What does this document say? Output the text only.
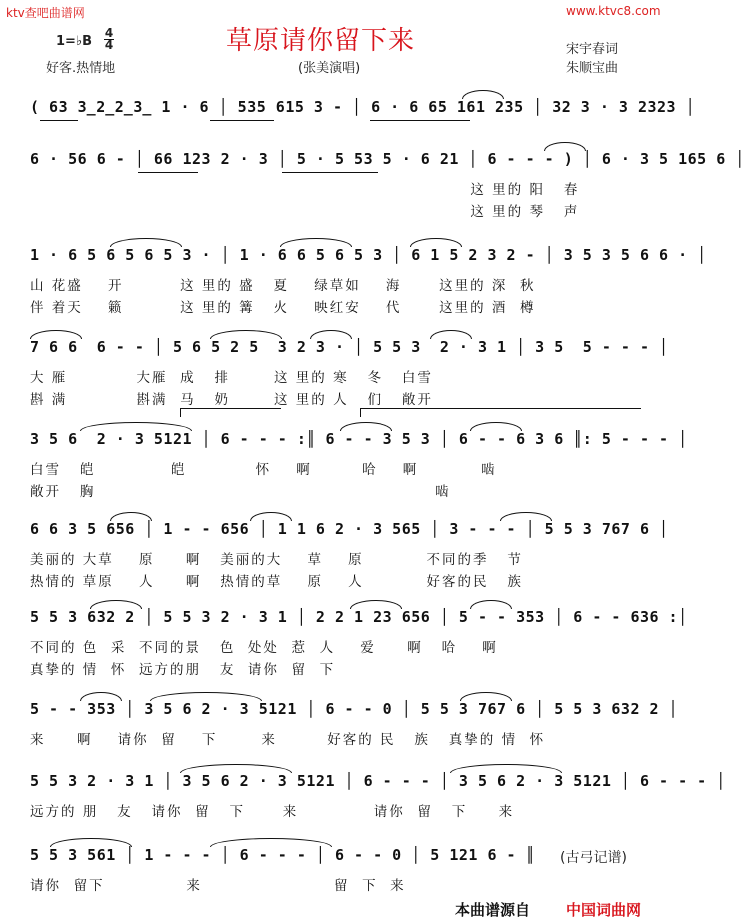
ktv查吧曲谱网	www.ktvc8.com
草原请你留下来
1=♭B
4
4
好客.热情地	(张美演唱)
宋宇春词
朱顺宝曲
( 63 3̲2̲2̲3̲ 1 · 6 │ 535 615 3 - │ 6 · 6 65 161 235 │ 32 3 · 3 2323 │
6 · 56 6 - │ 66 123 2 · 3 │ 5 · 5 53 5 · 6 21 │ 6 - - - ) │ 6 · 3 5 165 6 │
这 里的 阳   春
这 里的 琴   声
1 · 6 5 6 5 6 5 3 · │ 1 · 6 6 5 6 5 3 │ 6 1 5 2 3 2 - │ 3 5 3 5 6 6 · │
山 花盛    开         这 里的 盛   夏    绿草如    海      这里的 深  秋
伴 着天    籁         这 里的 篝   火    映红安    代      这里的 酒  樽
7 6 6  6 - - │ 5 6 5 2 5  3 2 3 · │ 5 5 3  2 · 3 1 │ 3 5  5 - - - │
大 雁           大雁  成   排       这 里的 寒   冬   白雪
斟 满           斟满  马   奶       这 里的 人   们   敞开
3 5 6  2 · 3 5121 │ 6 - - - :║ 6 - - 3 5 3 │ 6 - - 6 3 6 ║: 5 - - - │
白雪   皑            皑           怀    啊        哈    啊          啮
敞开   胸                                                      啮
6 6 3 5 656 │ 1 - - 656 │ 1 1 6 2 · 3 565 │ 3 - - - │ 5 5 3 767 6 │
美丽的 大草    原     啊   美丽的大    草    原          不同的季   节
热情的 草原    人     啊   热情的草    原    人          好客的民   族
5 5 3 632 2 │ 5 5 3 2 · 3 1 │ 2 2 1 23 656 │ 5 - - 353 │ 6 - - 636 :│
不同的 色  采  不同的景   色  处处  惹  人    爱     啊   哈    啊
真挚的 情  怀  远方的朋   友  请你  留  下
5 - - 353 │ 3 5 6 2 · 3 5121 │ 6 - - 0 │ 5 5 3 767 6 │ 5 5 3 632 2 │
来     啊    请你  留    下       来        好客的 民   族   真挚的 情  怀
5 5 3 2 · 3 1 │ 3 5 6 2 · 3 5121 │ 6 - - - │ 3 5 6 2 · 3 5121 │ 6 - - - │
远方的 朋   友   请你  留   下      来            请你  留   下     来
5 5 3 561 │ 1 - - - │ 6 - - - │ 6 - - 0 │ 5 121 6 - ║
请你  留下             来                     留  下  来
(古弓记谱)
本曲谱源自 中国词曲网
